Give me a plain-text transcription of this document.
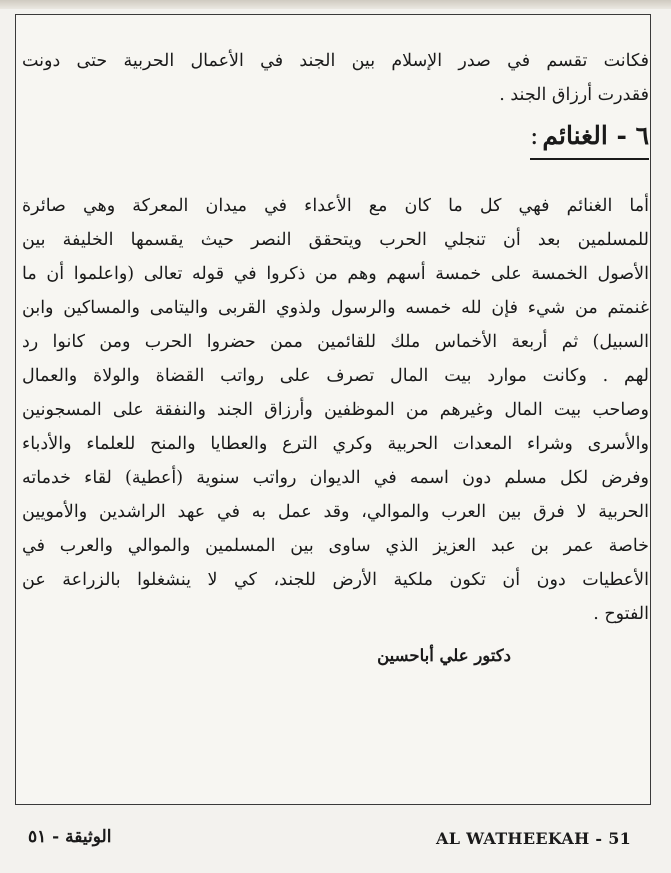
فكانت تقسم في صدر الإسلام بين الجند في الأعمال الحربية حتى دونت

فقدرت أرزاق الجند .

٦ - الغنائم:

أما الغنائم فهي كل ما كان مع الأعداء في ميدان المعركة وهي صائرة

للمسلمين بعد أن تنجلي الحرب ويتحقق النصر حيث يقسمها الخليفة بين

الأصول الخمسة على خمسة أسهم وهم من ذكروا في قوله تعالى (واعلموا أن ما

غنمتم من شيء فإن لله خمسه والرسول ولذوي القربى واليتامى والمساكين وابن

السبيل) ثم أربعة الأخماس ملك للقائمين ممن حضروا الحرب ومن كانوا رد

لهم . وكانت موارد بيت المال تصرف على رواتب القضاة والولاة والعمال

وصاحب بيت المال وغيرهم من الموظفين وأرزاق الجند والنفقة على المسجونين

والأسرى وشراء المعدات الحربية وكري الترع والعطايا والمنح للعلماء والأدباء

وفرض لكل مسلم دون اسمه في الديوان رواتب سنوية (أعطية) لقاء خدماته

الحربية لا فرق بين العرب والموالي، وقد عمل به في عهد الراشدين والأمويين

خاصة عمر بن عبد العزيز الذي ساوى بين المسلمين والموالي والعرب في

الأعطيات دون أن تكون ملكية الأرض للجند، كي لا ينشغلوا بالزراعة عن

الفتوح .

دكتور علي أباحسين
AL WATHEEKAH - 51
الوثيقة - ٥١
